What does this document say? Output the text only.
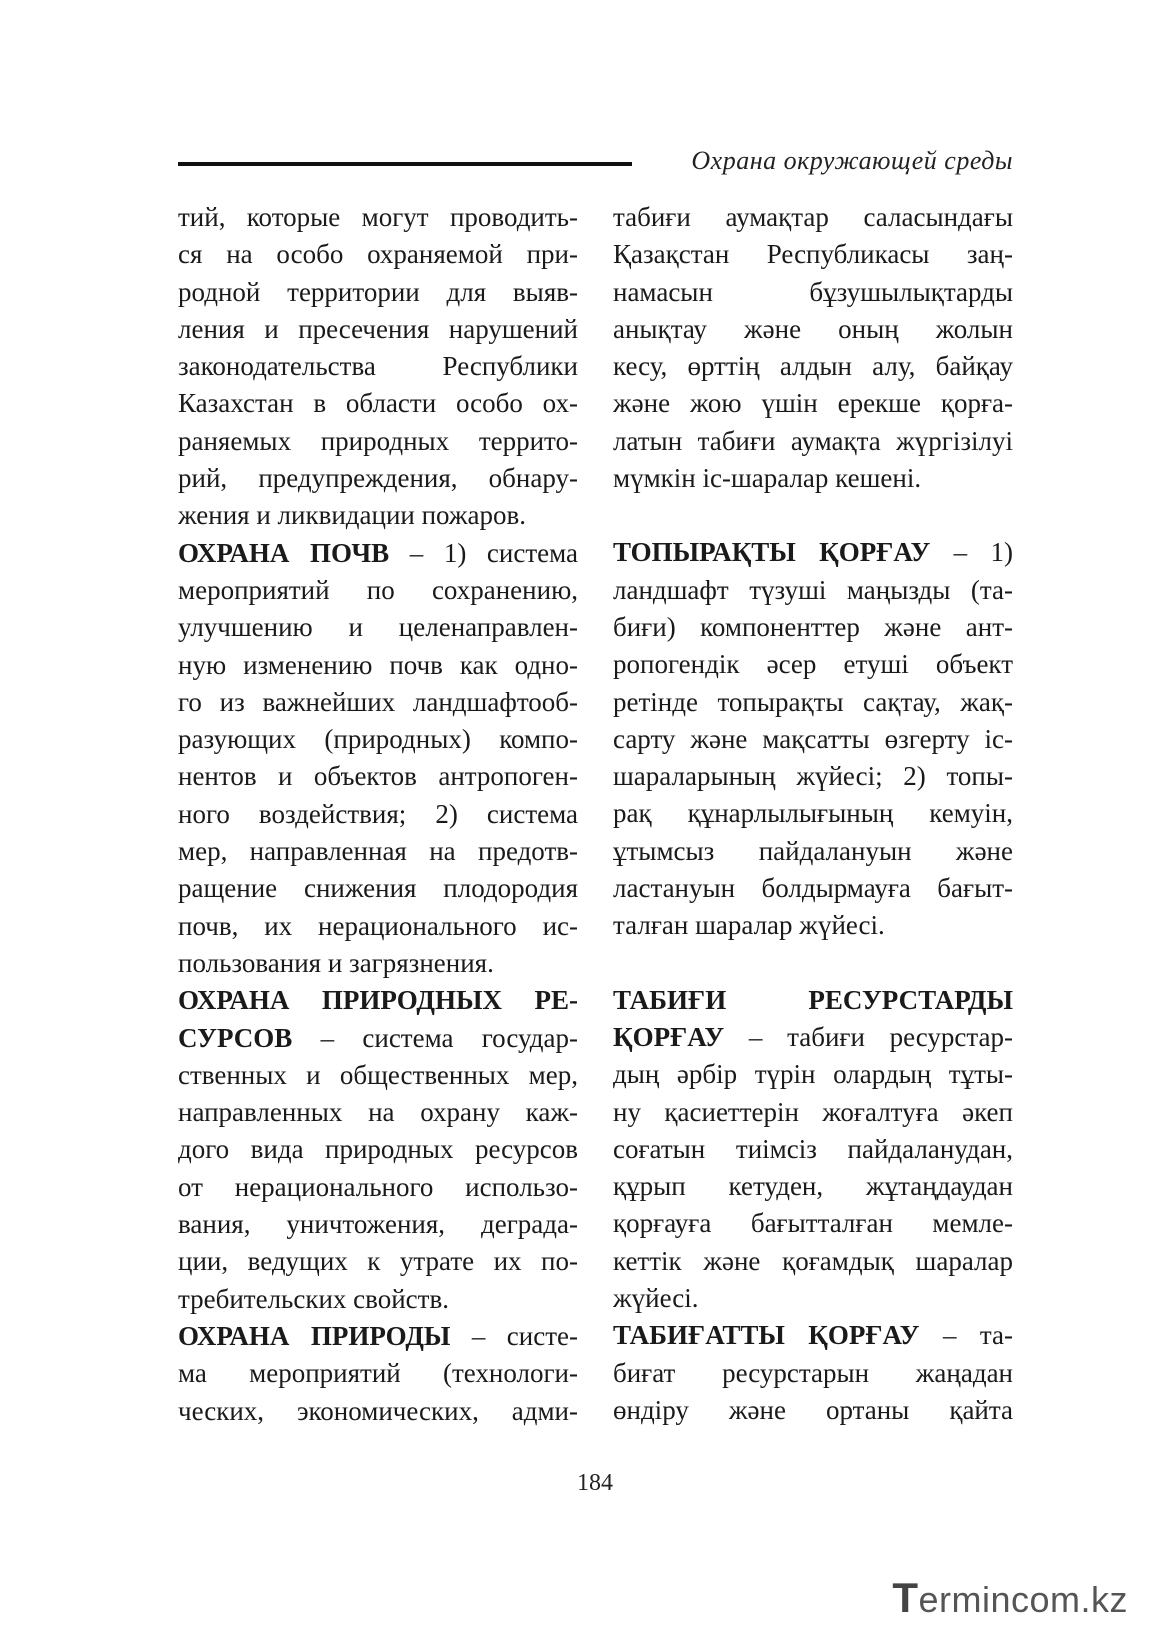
Охрана окружающей среды
тий, которые могут проводить-
ся на особо охраняемой при-
родной территории для выяв-
ления и пресечения нарушений
законодательства Республики
Казахстан в области особо ох-
раняемых природных террито-
рий, предупреждения, обнару-
жения и ликвидации пожаров.
ОХРАНА ПОЧВ – 1) система
мероприятий по сохранению,
улучшению и целенаправлен-
ную изменению почв как одно-
го из важнейших ландшафтооб-
разующих (природных) компо-
нентов и объектов антропоген-
ного воздействия; 2) система
мер, направленная на предотв-
ращение снижения плодородия
почв, их нерационального ис-
пользования и загрязнения.
ОХРАНА ПРИРОДНЫХ РЕ-
СУРСОВ – система государ-
ственных и общественных мер,
направленных на охрану каж-
дого вида природных ресурсов
от нерационального использо-
вания, уничтожения, деграда-
ции, ведущих к утрате их по-
требительских свойств.
ОХРАНА ПРИРОДЫ – систе-
ма мероприятий (технологи-
ческих, экономических, адми-
табиғи аумақтар саласындағы
Қазақстан Республикасы заң-
намасын бұзушылықтарды
анықтау және оның жолын
кесу, өрттің алдын алу, байқау
және жою үшін ерекше қорға-
латын табиғи аумақта жүргізілуі
мүмкін іс-шаралар кешені.
ТОПЫРАҚТЫ ҚОРҒАУ – 1)
ландшафт түзуші маңызды (та-
биғи) компоненттер және ант-
ропогендік әсер етуші объект
ретінде топырақты сақтау, жақ-
сарту және мақсатты өзгерту іс-
шараларының жүйесі; 2) топы-
рақ құнарлылығының кемуін,
ұтымсыз пайдалануын және
ластануын болдырмауға бағыт-
талған шаралар жүйесі.
ТАБИҒИ РЕСУРСТАРДЫ
ҚОРҒАУ – табиғи ресурстар-
дың әрбір түрін олардың тұты-
ну қасиеттерін жоғалтуға әкеп
соғатын тиімсіз пайдаланудан,
құрып кетуден, жұтаңдаудан
қорғауға бағытталған мемле-
кеттік және қоғамдық шаралар
жүйесі.
ТАБИҒАТТЫ ҚОРҒАУ – та-
биғат ресурстарын жаңадан
өндіру және ортаны қайта
184
Termincom.kz
